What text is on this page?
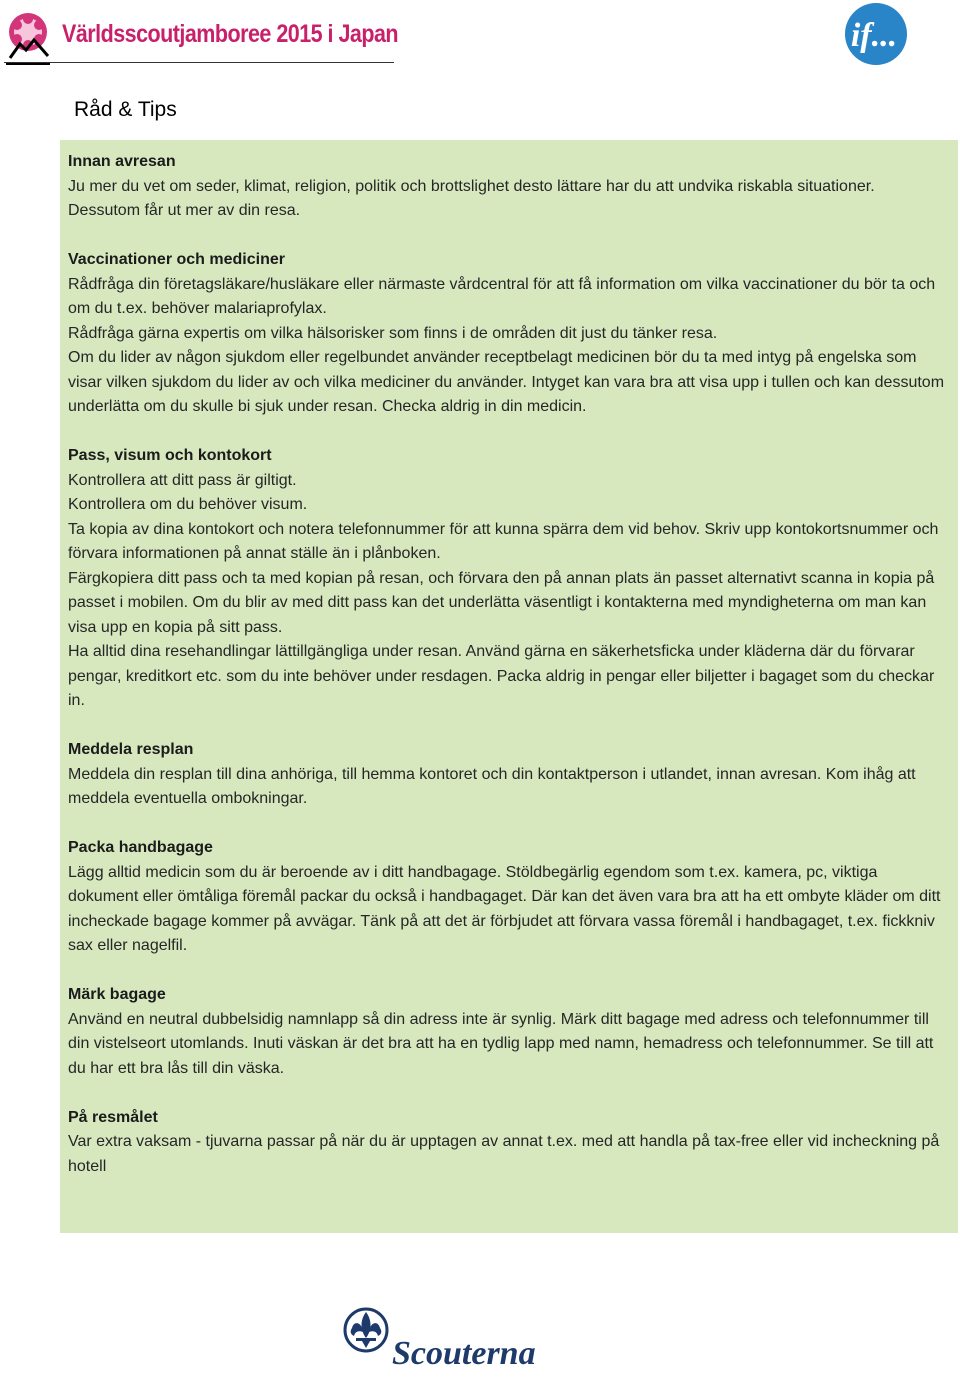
Världsscoutjamboree 2015 i Japan	if...
Råd & Tips
Innan avresan
Ju mer du vet om seder, klimat, religion, politik och brottslighet desto lättare har du att undvika riskabla situationer. Dessutom får ut mer av din resa.
Vaccinationer och mediciner
Rådfråga din företagsläkare/husläkare eller närmaste vårdcentral för att få information om vilka vaccinationer du bör ta och om du t.ex. behöver malariaprofylax.
Rådfråga gärna expertis om vilka hälsorisker som finns i de områden dit just du tänker resa.
Om du lider av någon sjukdom eller regelbundet använder receptbelagt medicinen bör du ta med intyg på engelska som visar vilken sjukdom du lider av och vilka mediciner du använder. Intyget kan vara bra att visa upp i tullen och kan dessutom underlätta om du skulle bi sjuk under resan. Checka aldrig in din medicin.
Pass, visum och kontokort
Kontrollera att ditt pass är giltigt.
Kontrollera om du behöver visum.
Ta kopia av dina kontokort och notera telefonnummer för att kunna spärra dem vid behov. Skriv upp kontokortsnummer och förvara informationen på annat ställe än i plånboken.
Färgkopiera ditt pass och ta med kopian på resan, och förvara den på annan plats än passet alternativt scanna in kopia på passet i mobilen. Om du blir av med ditt pass kan det underlätta väsentligt i kontakterna med myndigheterna om man kan visa upp en kopia på sitt pass.
Ha alltid dina resehandlingar lättillgängliga under resan. Använd gärna en säkerhetsficka under kläderna där du förvarar pengar, kreditkort etc. som du inte behöver under resdagen. Packa aldrig in pengar eller biljetter i bagaget som du checkar in.
Meddela resplan
Meddela din resplan till dina anhöriga, till hemma kontoret och din kontaktperson i utlandet, innan avresan. Kom ihåg att meddela eventuella ombokningar.
Packa handbagage
Lägg alltid medicin som du är beroende av i ditt handbagage. Stöldbegärlig egendom som t.ex. kamera, pc, viktiga dokument eller ömtåliga föremål packar du också i handbagaget. Där kan det även vara bra att ha ett ombyte kläder om ditt incheckade bagage kommer på avvägar. Tänk på att det är förbjudet att förvara vassa föremål i handbagaget, t.ex. fickkniv sax eller nagelfil.
Märk bagage
Använd en neutral dubbelsidig namnlapp så din adress inte är synlig. Märk ditt bagage med adress och telefonnummer till din vistelseort utomlands. Inuti väskan är det bra att ha en tydlig lapp med namn, hemadress och telefonnummer. Se till att du har ett bra lås till din väska.
På resmålet
Var extra vaksam - tjuvarna passar på när du är upptagen av annat t.ex. med att handla på tax-free eller vid incheckning på hotell
Scouterna
